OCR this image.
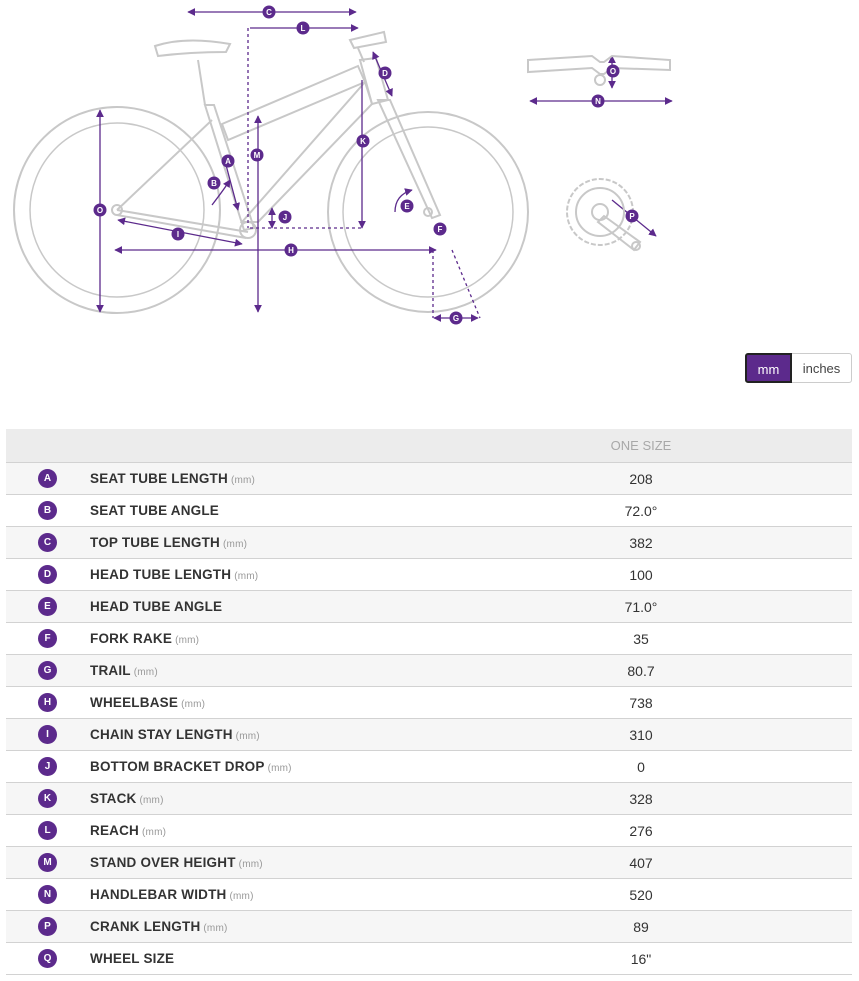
C
L
D
K
M
A
B
E
O
J
F
I
H
G
O
N
P
mm	inches
		ONE SIZE
A	SEAT TUBE LENGTH (mm)	208
B	SEAT TUBE ANGLE	72.0°
C	TOP TUBE LENGTH (mm)	382
D	HEAD TUBE LENGTH (mm)	100
E	HEAD TUBE ANGLE	71.0°
F	FORK RAKE (mm)	35
G	TRAIL (mm)	80.7
H	WHEELBASE (mm)	738
I	CHAIN STAY LENGTH (mm)	310
J	BOTTOM BRACKET DROP (mm)	0
K	STACK (mm)	328
L	REACH (mm)	276
M	STAND OVER HEIGHT (mm)	407
N	HANDLEBAR WIDTH (mm)	520
P	CRANK LENGTH (mm)	89
Q	WHEEL SIZE	16"
